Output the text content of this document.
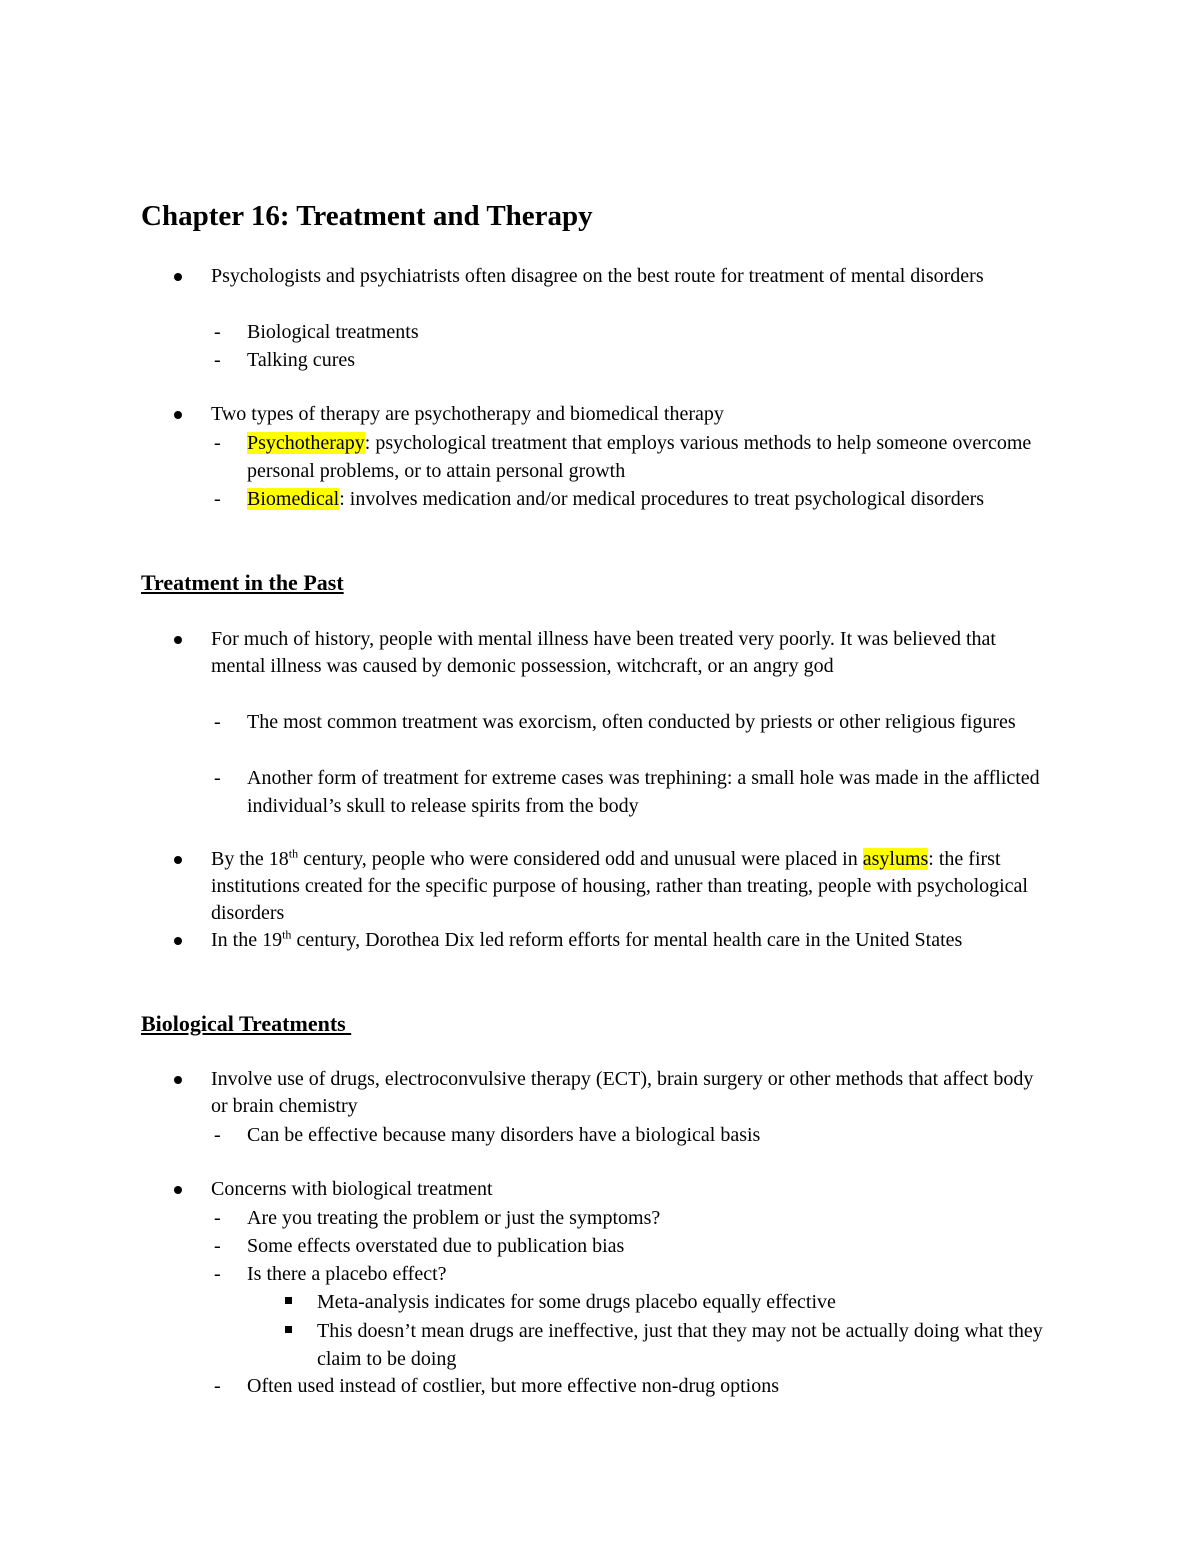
Chapter 16: Treatment and Therapy
Psychologists and psychiatrists often disagree on the best route for treatment of mental disorders
- Biological treatments
- Talking cures
Two types of therapy are psychotherapy and biomedical therapy
- Psychotherapy: psychological treatment that employs various methods to help someone overcome personal problems, or to attain personal growth
- Biomedical: involves medication and/or medical procedures to treat psychological disorders
Treatment in the Past
For much of history, people with mental illness have been treated very poorly. It was believed that mental illness was caused by demonic possession, witchcraft, or an angry god
- The most common treatment was exorcism, often conducted by priests or other religious figures
- Another form of treatment for extreme cases was trephining: a small hole was made in the afflicted individual’s skull to release spirits from the body
By the 18th century, people who were considered odd and unusual were placed in asylums: the first institutions created for the specific purpose of housing, rather than treating, people with psychological disorders
In the 19th century, Dorothea Dix led reform efforts for mental health care in the United States
Biological Treatments
Involve use of drugs, electroconvulsive therapy (ECT), brain surgery or other methods that affect body or brain chemistry
- Can be effective because many disorders have a biological basis
Concerns with biological treatment
- Are you treating the problem or just the symptoms?
- Some effects overstated due to publication bias
- Is there a placebo effect?
Meta-analysis indicates for some drugs placebo equally effective
This doesn’t mean drugs are ineffective, just that they may not be actually doing what they claim to be doing
- Often used instead of costlier, but more effective non-drug options
